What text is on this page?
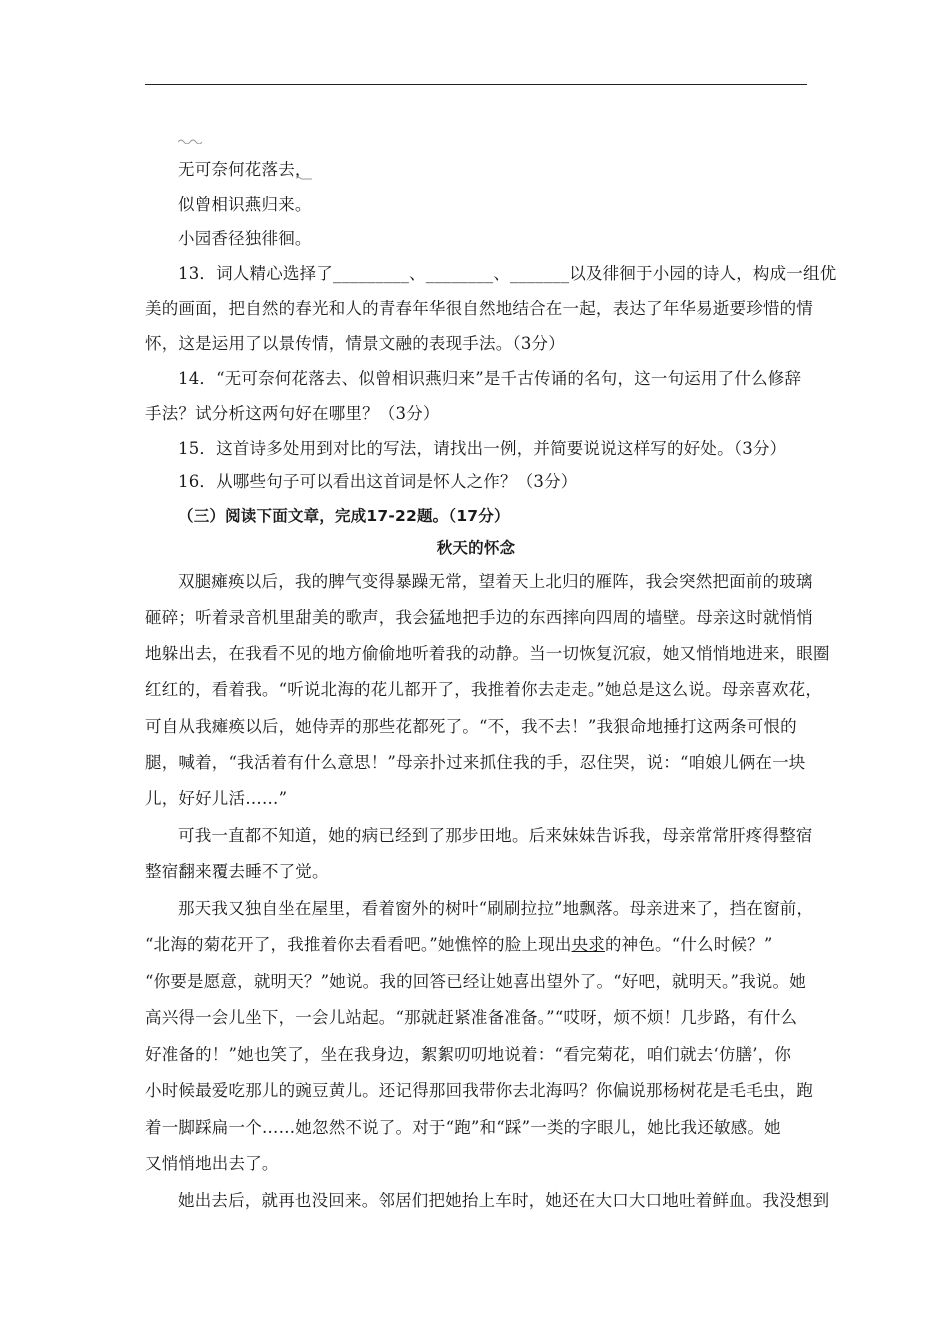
无可奈何花落去，
似曾相识燕归来。
小园香径独徘徊。
13．词人精心选择了_________、________、_______以及徘徊于小园的诗人，构成一组优
美的画面，把自然的春光和人的青春年华很自然地结合在一起，表达了年华易逝要珍惜的情
怀，这是运用了以景传情，情景文融的表现手法。（3分）
14．“无可奈何花落去、似曾相识燕归来”是千古传诵的名句，这一句运用了什么修辞
手法？试分析这两句好在哪里？（3分）
15．这首诗多处用到对比的写法，请找出一例，并简要说说这样写的好处。（3分）
16．从哪些句子可以看出这首词是怀人之作？（3分）
（三）阅读下面文章，完成17-22题。（17分）
秋天的怀念
双腿瘫痪以后，我的脾气变得暴躁无常，望着天上北归的雁阵，我会突然把面前的玻璃
砸碎；听着录音机里甜美的歌声，我会猛地把手边的东西摔向四周的墙壁。母亲这时就悄悄
地躲出去，在我看不见的地方偷偷地听着我的动静。当一切恢复沉寂，她又悄悄地进来，眼圈
红红的，看着我。“听说北海的花儿都开了，我推着你去走走。”她总是这么说。母亲喜欢花，
可自从我瘫痪以后，她侍弄的那些花都死了。“不，我不去！”我狠命地捶打这两条可恨的
腿，喊着，“我活着有什么意思！”母亲扑过来抓住我的手，忍住哭，说：“咱娘儿俩在一块
儿，好好儿活……”
可我一直都不知道，她的病已经到了那步田地。后来妹妹告诉我，母亲常常肝疼得整宿
整宿翻来覆去睡不了觉。
那天我又独自坐在屋里，看着窗外的树叶“刷刷拉拉”地飘落。母亲进来了，挡在窗前，
“北海的菊花开了，我推着你去看看吧。”她憔悴的脸上现出央求的神色。“什么时候？”
“你要是愿意，就明天？”她说。我的回答已经让她喜出望外了。“好吧，就明天。”我说。她
高兴得一会儿坐下，一会儿站起。“那就赶紧准备准备。”“哎呀，烦不烦！几步路，有什么
好准备的！”她也笑了，坐在我身边，絮絮叨叨地说着：“看完菊花，咱们就去‘仿膳’，你
小时候最爱吃那儿的豌豆黄儿。还记得那回我带你去北海吗？你偏说那杨树花是毛毛虫，跑
着一脚踩扁一个……她忽然不说了。对于“跑”和“踩”一类的字眼儿，她比我还敏感。她
又悄悄地出去了。
她出去后，就再也没回来。邻居们把她抬上车时，她还在大口大口地吐着鲜血。我没想到
